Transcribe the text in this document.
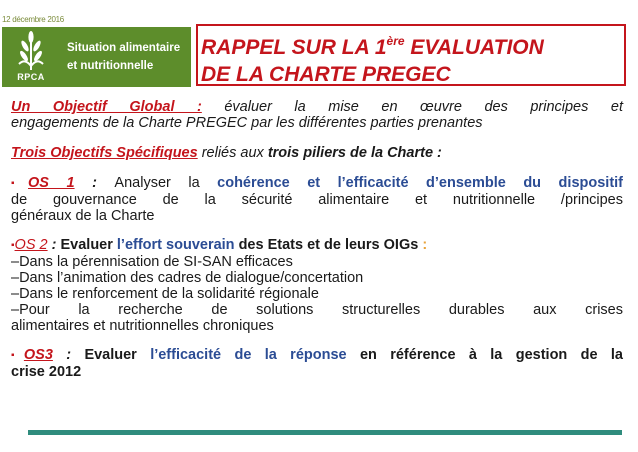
12 décembre 2016
RPCA
Situation alimentaire
et nutritionnelle
RAPPEL SUR LA 1ère EVALUATION
DE LA CHARTE PREGEC

Un Objectif Global : évaluer la mise en œuvre des principes et

engagements de la Charte PREGEC par les différentes parties prenantes

Trois Objectifs Spécifiques reliés aux trois piliers de la Charte :

▪OS 1 : Analyser la cohérence et l’efficacité d’ensemble du dispositif

de gouvernance de la sécurité alimentaire et nutritionnelle /principes

généraux de la Charte

▪OS 2 : Evaluer l’effort souverain des Etats et de leurs OIGs :

–Dans la pérennisation de SI-SAN efficaces

–Dans l’animation des cadres de dialogue/concertation

–Dans le renforcement de la solidarité régionale

–Pour la recherche de solutions structurelles durables aux crises

alimentaires et nutritionnelles chroniques

▪OS3 : Evaluer l’efficacité de la réponse en référence à la gestion de la

crise 2012
